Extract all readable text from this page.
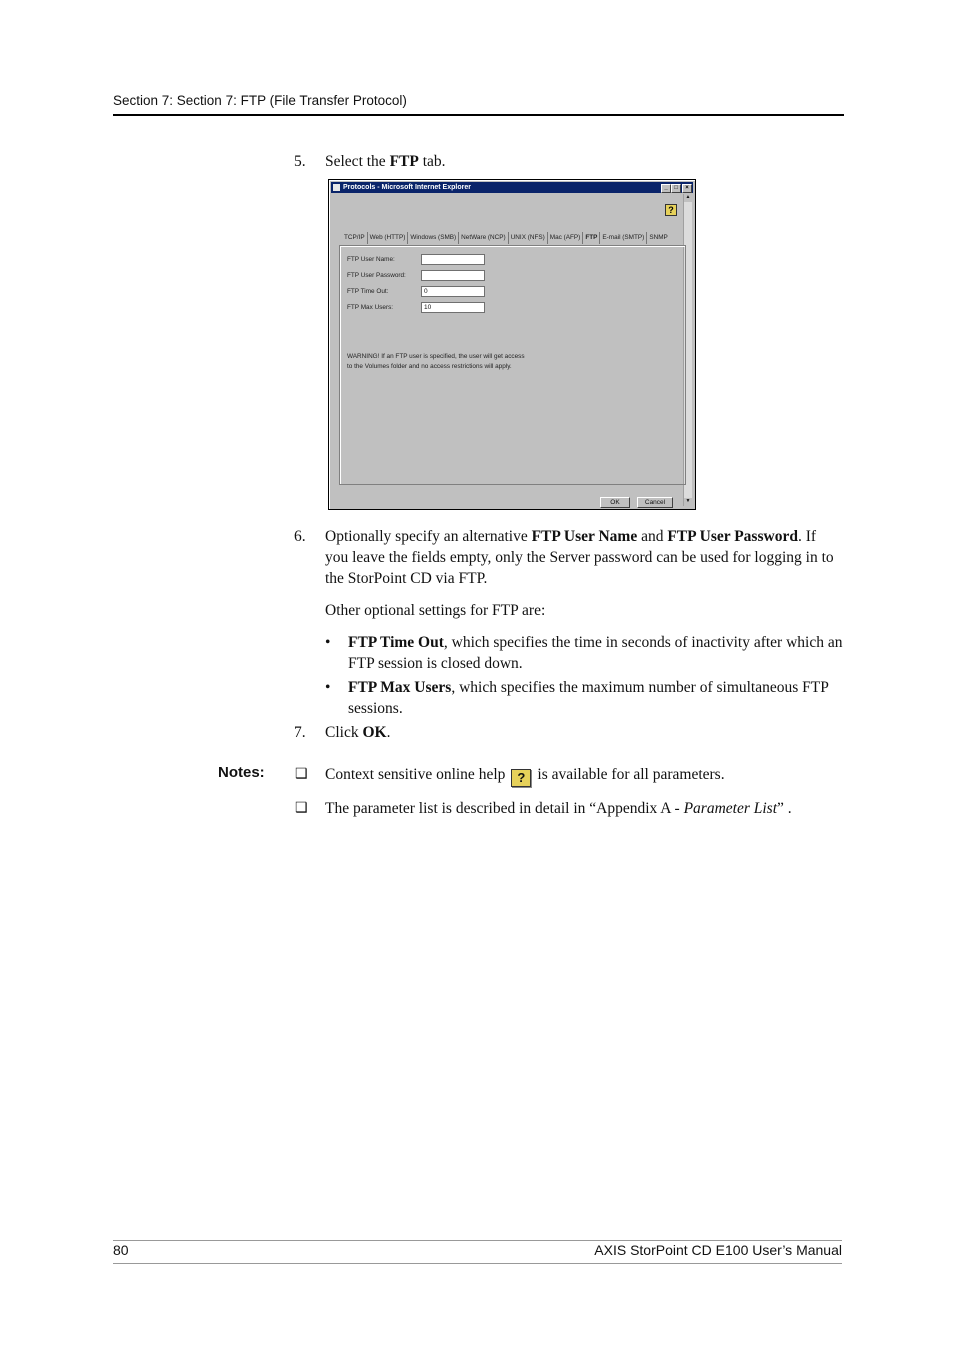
Section 7: Section 7: FTP (File Transfer Protocol)
5. Select the FTP tab.
Protocols - Microsoft Internet Explorer	_	□	×
▲
▼
?
TCP/IP Web (HTTP) Windows (SMB) NetWare (NCP) UNIX (NFS) Mac (AFP) FTP E-mail (SMTP) SNMP
FTP User Name:
FTP User Password:
FTP Time Out:	0
FTP Max Users:	10
WARNING! If an FTP user is specified, the user will get access
to the Volumes folder and no access restrictions will apply.
OK	Cancel
6. Optionally specify an alternative FTP User Name and FTP User Password. If you leave the fields empty, only the Server password can be used for logging in to the StorPoint CD via FTP.
Other optional settings for FTP are:
• FTP Time Out, which specifies the time in seconds of inactivity after which an FTP session is closed down.
• FTP Max Users, which specifies the maximum number of simultaneous FTP sessions.
7. Click OK.
Notes: ❑ Context sensitive online help ? is available for all parameters.
❑ The parameter list is described in detail in “Appendix A - Parameter List” .
80	AXIS StorPoint CD E100 User’s Manual
